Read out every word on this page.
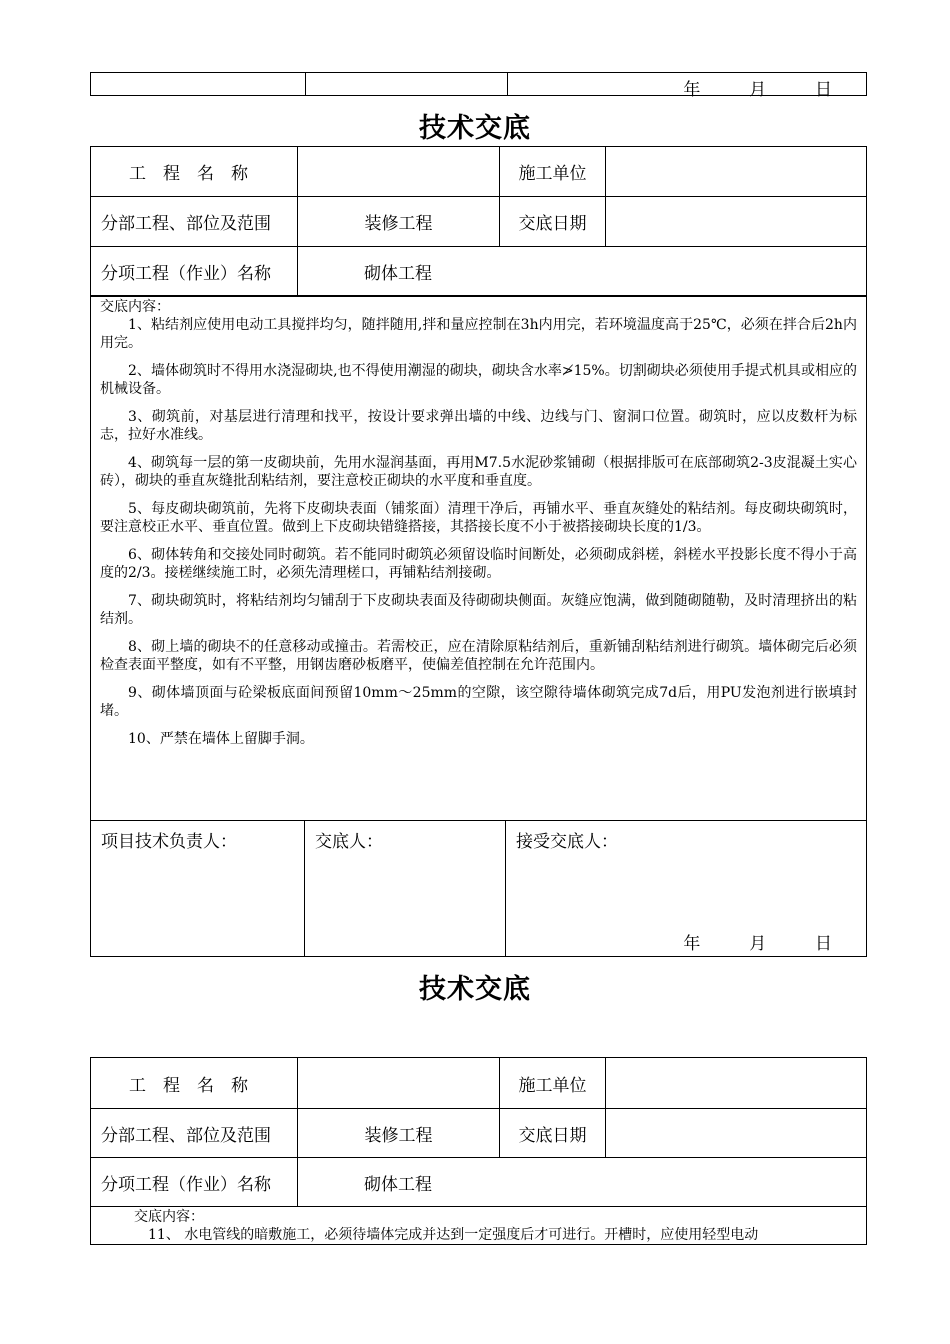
年	月	日
技术交底
工　程　名　称		施工单位	
分部工程、部位及范围	装修工程	交底日期	
分项工程（作业）名称	砌体工程		
交底内容：

1、粘结剂应使用电动工具搅拌均匀，随拌随用,拌和量应控制在3h内用完，若环境温度高于25℃，必须在拌合后2h内用完。

2、墙体砌筑时不得用水浇湿砌块,也不得使用潮湿的砌块，砌块含水率≯15%。切割砌块必须使用手提式机具或相应的机械设备。

3、砌筑前，对基层进行清理和找平，按设计要求弹出墙的中线、边线与门、窗洞口位置。砌筑时，应以皮数杆为标志，拉好水准线。

4、砌筑每一层的第一皮砌块前，先用水湿润基面，再用M7.5水泥砂浆铺砌（根据排版可在底部砌筑2-3皮混凝土实心砖），砌块的垂直灰缝批刮粘结剂，要注意校正砌块的水平度和垂直度。

5、每皮砌块砌筑前，先将下皮砌块表面（铺浆面）清理干净后，再铺水平、垂直灰缝处的粘结剂。每皮砌块砌筑时，要注意校正水平、垂直位置。做到上下皮砌块错缝搭接，其搭接长度不小于被搭接砌块长度的1/3。

6、砌体转角和交接处同时砌筑。若不能同时砌筑必须留设临时间断处，必须砌成斜槎，斜槎水平投影长度不得小于高度的2/3。接槎继续施工时，必须先清理槎口，再铺粘结剂接砌。

7、砌块砌筑时，将粘结剂均匀铺刮于下皮砌块表面及待砌砌块侧面。灰缝应饱满，做到随砌随勒，及时清理挤出的粘结剂。

8、砌上墙的砌块不的任意移动或撞击。若需校正，应在清除原粘结剂后，重新铺刮粘结剂进行砌筑。墙体砌完后必须检查表面平整度，如有不平整，用钢齿磨砂板磨平，使偏差值控制在允许范围内。

9、砌体墙顶面与砼梁板底面间预留10mm～25mm的空隙，该空隙待墙体砌筑完成7d后，用PU发泡剂进行嵌填封堵。

10、严禁在墙体上留脚手洞。

项目技术负责人：	交底人：	接受交底人：
年	月	日
技术交底
工　程　名　称		施工单位	
分部工程、部位及范围	装修工程	交底日期	
分项工程（作业）名称	砌体工程		
交底内容：
11、 水电管线的暗敷施工，必须待墙体完成并达到一定强度后才可进行。开槽时，应使用轻型电动
